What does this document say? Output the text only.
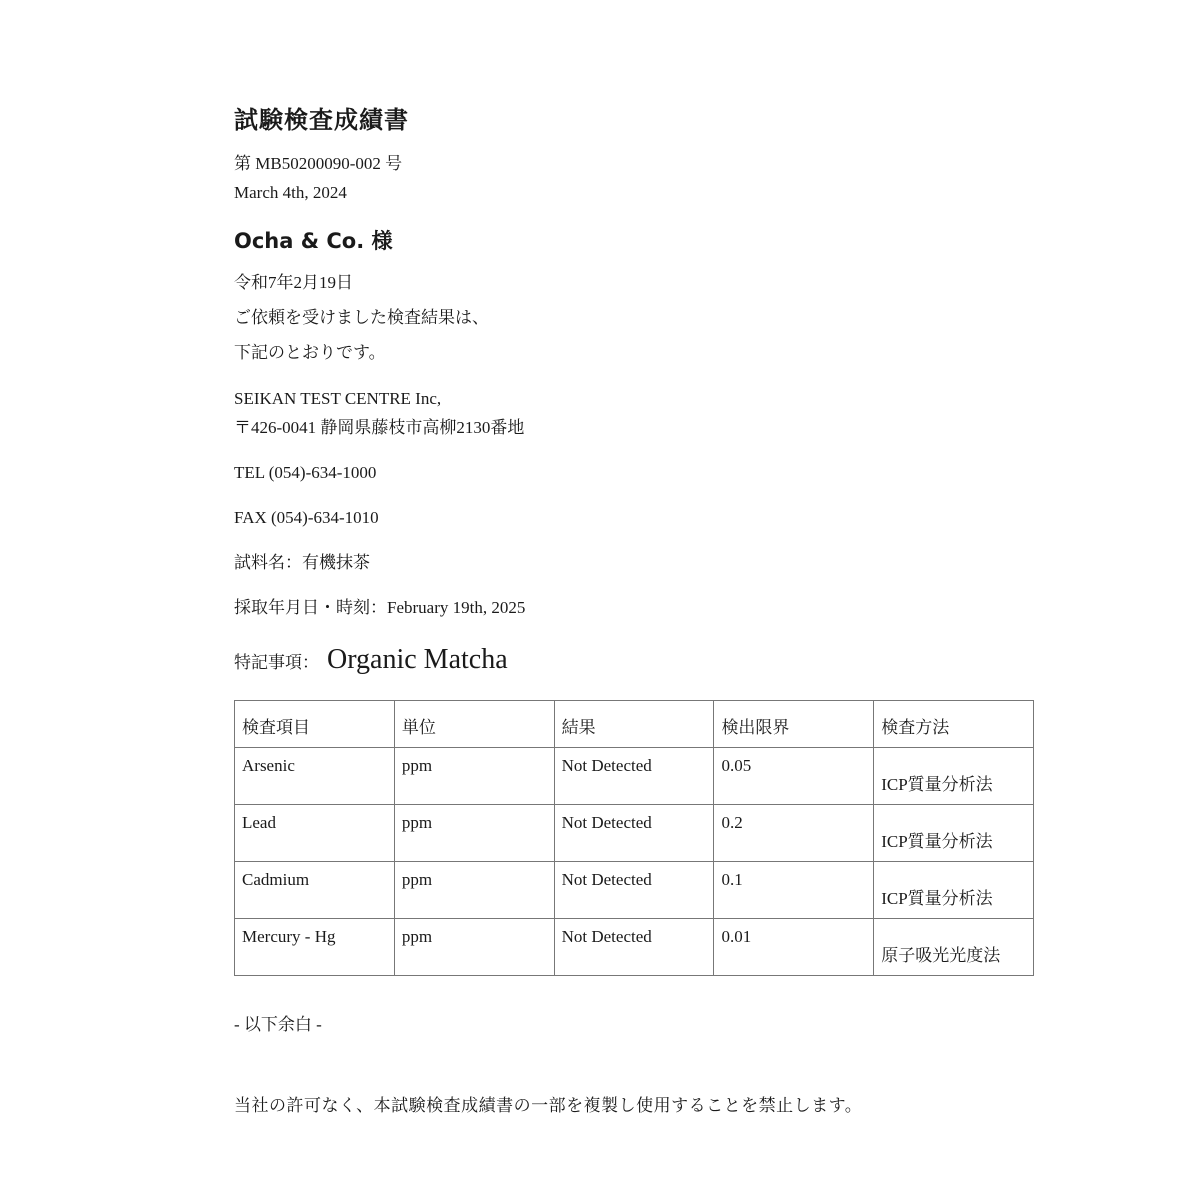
試験検査成績書
第 MB50200090-002 号
March 4th, 2024
Ocha & Co. 様
令和7年2月19日
ご依頼を受けました検査結果は、
下記のとおりです。
SEIKAN TEST CENTRE Inc,
〒426-0041 静岡県藤枝市高柳2130番地
TEL (054)-634-1000
FAX (054)-634-1010
試料名：有機抹茶
採取年月日・時刻：February 19th, 2025
特記事項： Organic Matcha
検査項目	単位	結果	検出限界	検査方法
Arsenic	ppm	Not Detected	0.05	ICP質量分析法
Lead	ppm	Not Detected	0.2	ICP質量分析法
Cadmium	ppm	Not Detected	0.1	ICP質量分析法
Mercury - Hg	ppm	Not Detected	0.01	原子吸光光度法
- 以下余白 -
当社の許可なく、本試験検査成績書の一部を複製し使用することを禁止します。
